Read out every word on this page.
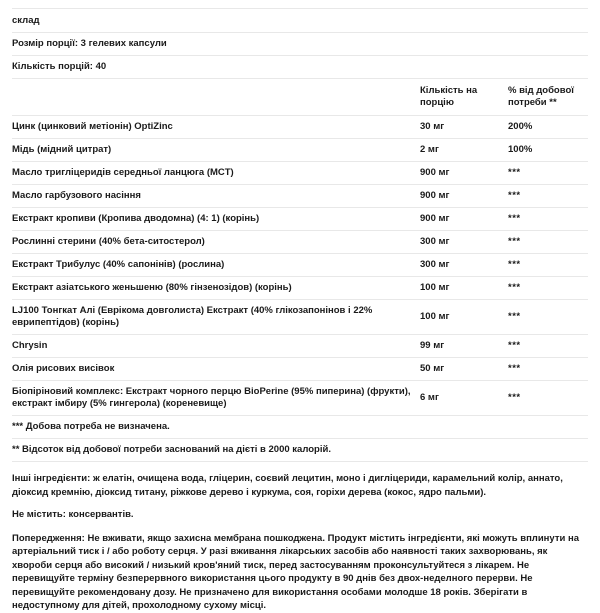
склад
Розмір порції: 3 гелевих капсули
Кількість порцій: 40
	Кількість на порцію	% від добової потреби **
Цинк (цинковий метіонін) OptiZinc	30 мг	200%
Мідь (мідний цитрат)	2 мг	100%
Масло тригліцеридів середньої ланцюга (MCT)	900 мг	***
Масло гарбузового насіння	900 мг	***
Екстракт кропиви (Кропива дводомна) (4: 1) (корінь)	900 мг	***
Рослинні стерини (40% бета-ситостерол)	300 мг	***
Екстракт Трибулус (40% сапонінів) (рослина)	300 мг	***
Екстракт азіатського женьшеню (80% гінзенозідов) (корінь)	100 мг	***
LJ100 Тонгкат Алі (Еврікома довголиста) Екстракт (40% глікозапонінов і 22% еврипептідов) (корінь)	100 мг	***
Chrysin	99 мг	***
Олія рисових висівок	50 мг	***
Біопіріновий комплекс: Екстракт чорного перцю BioPerine (95% пиперина) (фрукти), екстракт імбиру (5% гингерола) (кореневище)	6 мг	***
*** Добова потреба не визначена.
** Відсоток від добової потреби заснований на дієті в 2000 калорій.

Інші інгредієнти: ж елатін, очищена вода, гліцерин, соєвий лецитин, моно і дигліцериди, карамельний колір, аннато, діоксид кремнію, діоксид титану, ріжкове дерево і куркума, соя, горіхи дерева (кокос, ядро пальми).

Не містить: консервантів.

Попередження: Не вживати, якщо захисна мембрана пошкоджена. Продукт містить інгредієнти, які можуть вплинути на артеріальний тиск і / або роботу серця. У разі вживання лікарських засобів або наявності таких захворювань, як хвороби серця або високий / низький кров'яний тиск, перед застосуванням проконсультуйтеся з лікарем. Не перевищуйте терміну безперервного використання цього продукту в 90 днів без двох-неделного перерви. Не перевищуйте рекомендовану дозу. Не призначено для використання особами молодше 18 років. Зберігати в недоступному для дітей, прохолодному сухому місці.
